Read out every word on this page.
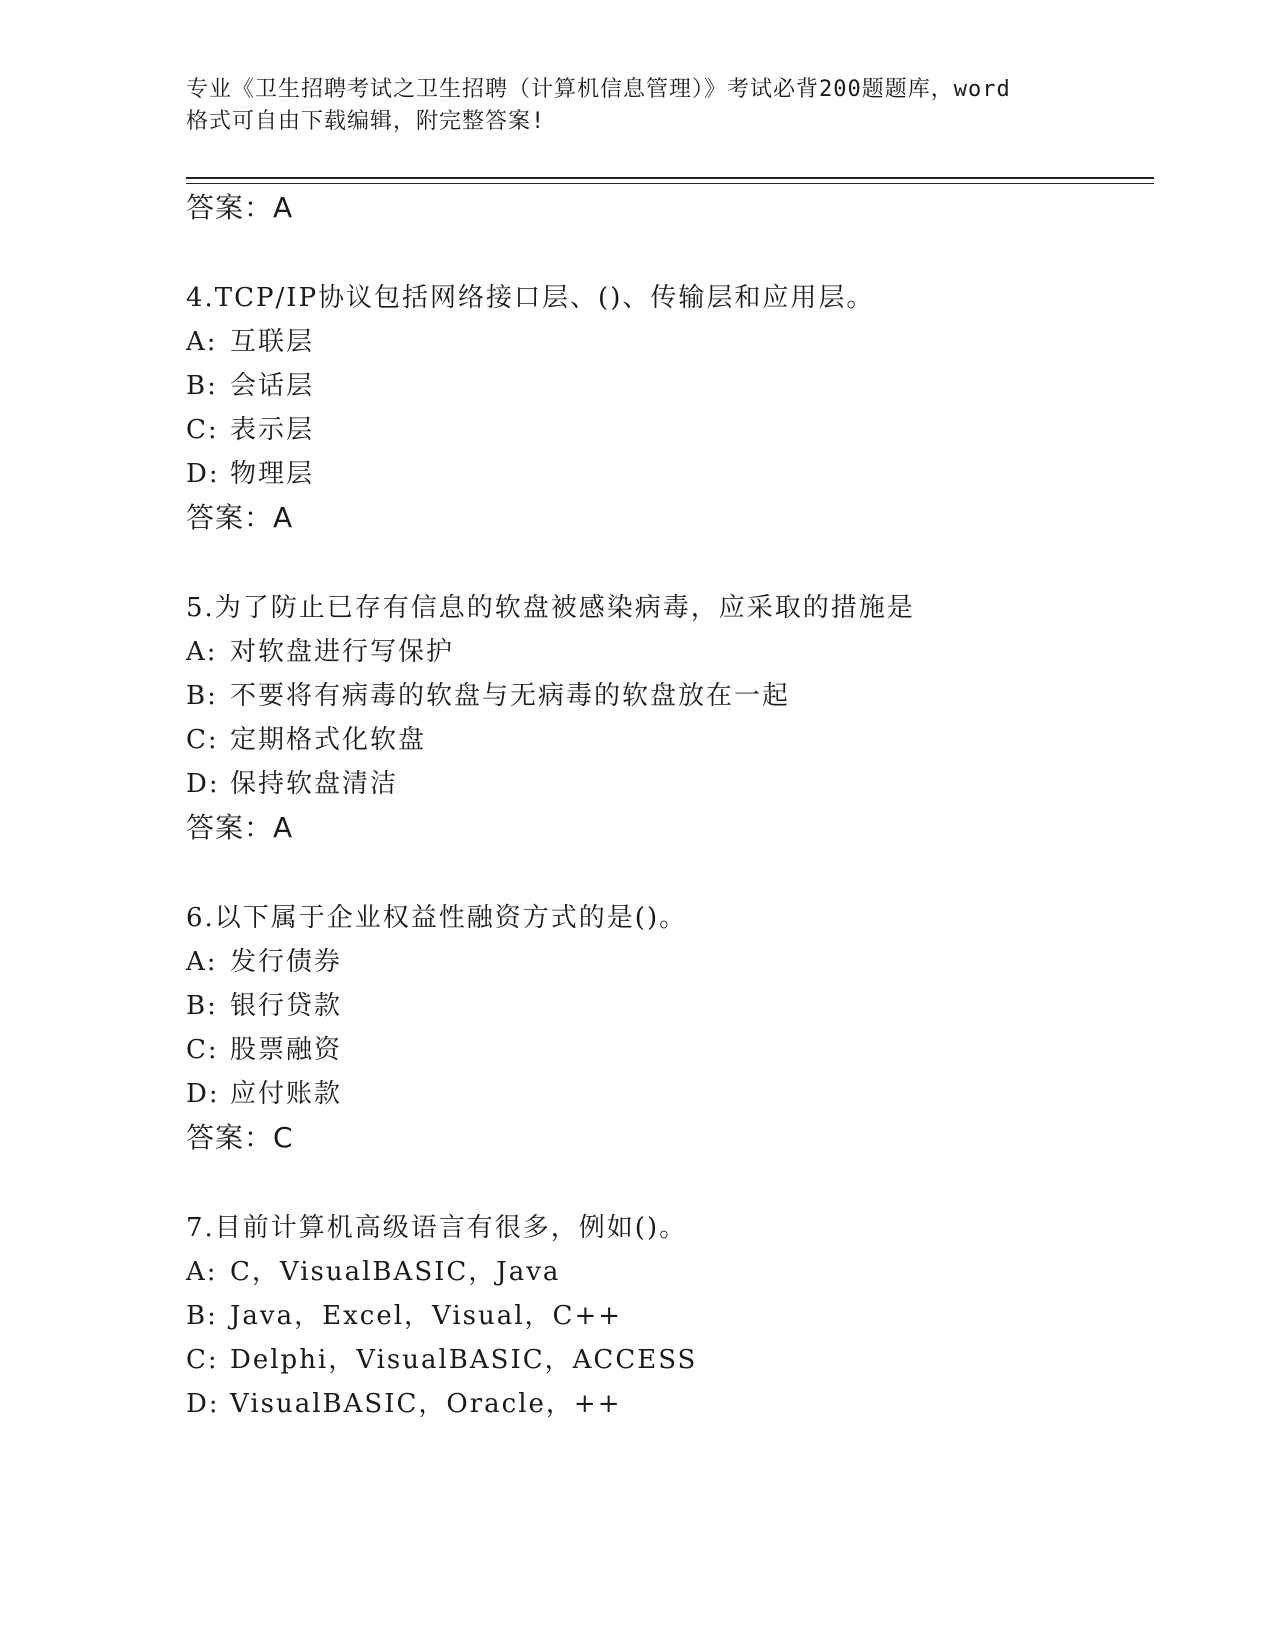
专业《卫生招聘考试之卫生招聘（计算机信息管理）》考试必背200题题库，word
格式可自由下载编辑，附完整答案!
答案：A
4.TCP/IP协议包括网络接口层、()、传输层和应用层。
A: 互联层
B: 会话层
C: 表示层
D: 物理层
答案：A
5.为了防止已存有信息的软盘被感染病毒，应采取的措施是
A: 对软盘进行写保护
B: 不要将有病毒的软盘与无病毒的软盘放在一起
C: 定期格式化软盘
D: 保持软盘清洁
答案：A
6.以下属于企业权益性融资方式的是()。
A: 发行债券
B: 银行贷款
C: 股票融资
D: 应付账款
答案：C
7.目前计算机高级语言有很多，例如()。
A: C，VisualBASIC，Java
B: Java，Excel，Visual，C++
C: Delphi，VisualBASIC，ACCESS
D: VisualBASIC，Oracle，++
